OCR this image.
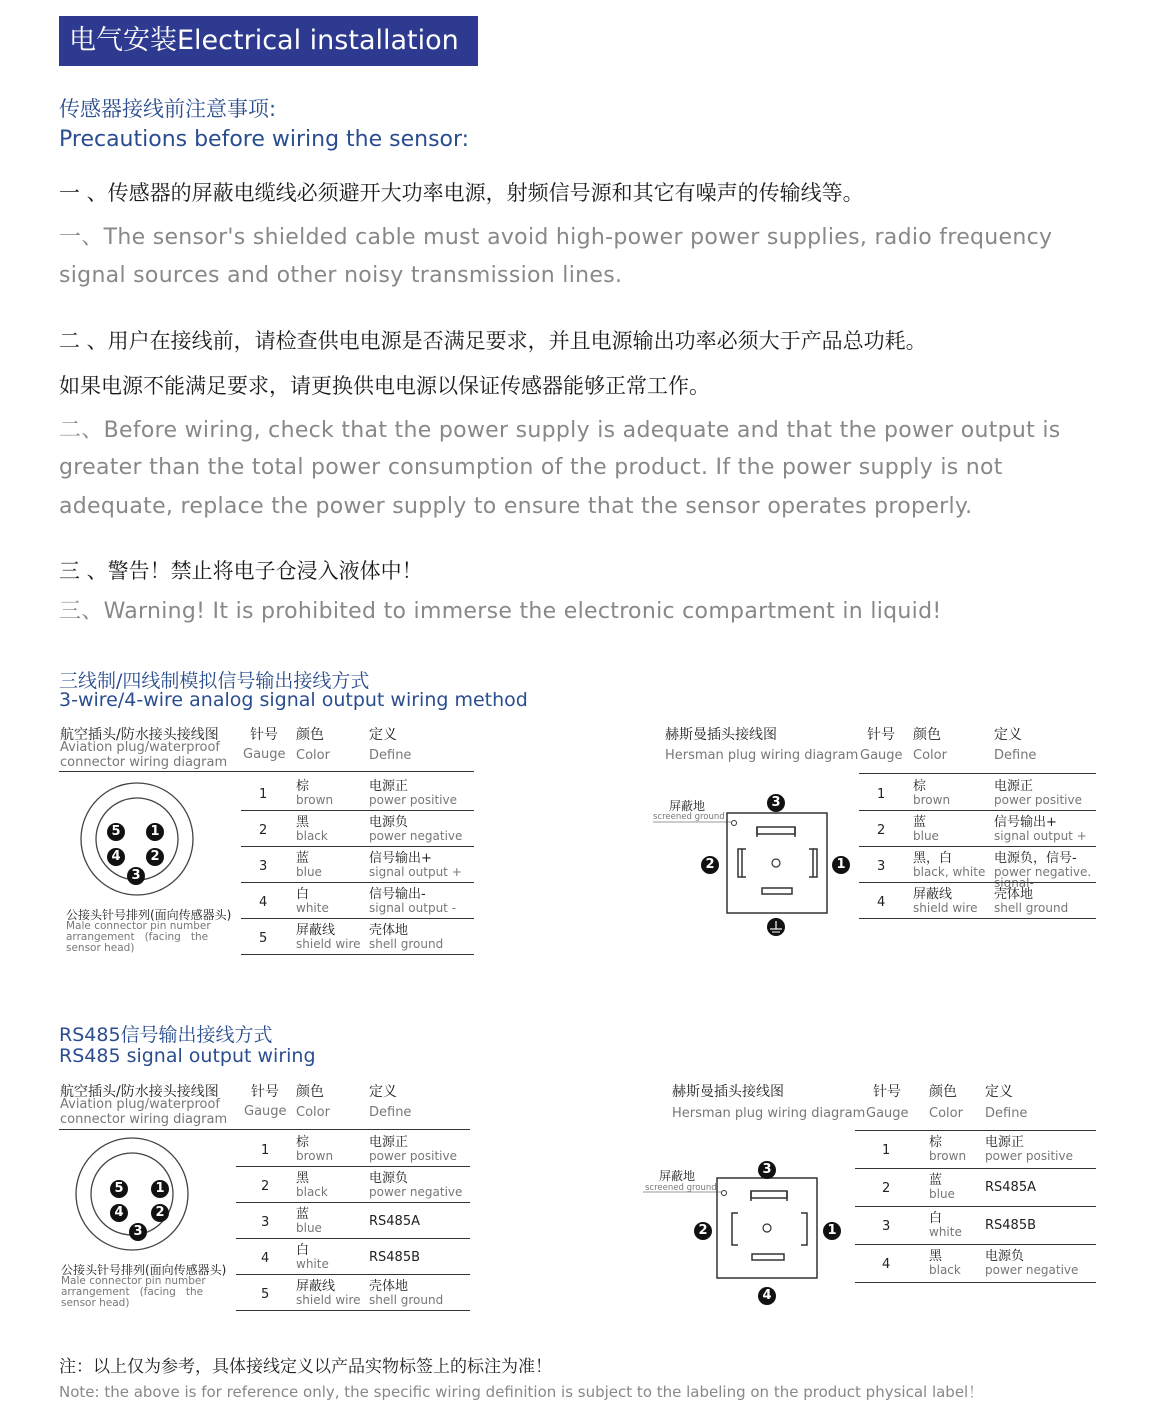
电气安装Electrical installation
传感器接线前注意事项:
Precautions before wiring the sensor:
一 、传感器的屏蔽电缆线必须避开大功率电源，射频信号源和其它有噪声的传输线等。
一、The sensor's shielded cable must avoid high-power power supplies, radio frequency
signal sources and other noisy transmission lines.
二 、用户在接线前，请检查供电电源是否满足要求，并且电源输出功率必须大于产品总功耗。
如果电源不能满足要求，请更换供电电源以保证传感器能够正常工作。
二、Before wiring, check that the power supply is adequate and that the power output is
greater than the total power consumption of the product. If the power supply is not
adequate, replace the power supply to ensure that the sensor operates properly.
三 、警告！禁止将电子仓浸入液体中！
三、Warning! It is prohibited to immerse the electronic compartment in liquid!
三线制/四线制模拟信号输出接线方式
3-wire/4-wire analog signal output wiring method
航空插头/防水接头接线图
Aviation plug/waterproof
connector wiring diagram
针号
Gauge
颜色
Color
定义
Define
5	1
4	2
3
公接头针号排列(面向传感器头)
Male connector pin number
arrangement   (facing   the
sensor head)
1
棕
brown
电源正
power positive
2
黑
black
电源负
power negative
3
蓝
blue
信号输出+
signal output +
4
白
white
信号输出-
signal output -
5
屏蔽线
shield wire
壳体地
shell ground
赫斯曼插头接线图
Hersman plug wiring diagram
针号
Gauge
颜色
Color
定义
Define
屏蔽地
screened ground
3
2	1
1
棕
brown
电源正
power positive
2
蓝
blue
信号输出+
signal output +
3
黑，白
black, white
电源负，信号-
power negative.
signal-
4
屏蔽线
shield wire
壳体地
shell ground
RS485信号输出接线方式
RS485 signal output wiring
航空插头/防水接头接线图
Aviation plug/waterproof
connector wiring diagram
针号
Gauge
颜色
Color
定义
Define
5	1
4	2
3
公接头针号排列(面向传感器头)
Male connector pin number
arrangement   (facing   the
sensor head)
1
棕
brown
电源正
power positive
2
黑
black
电源负
power negative
3
蓝
blue	RS485A
4
白
white	RS485B
5
屏蔽线
shield wire
壳体地
shell ground
赫斯曼插头接线图
Hersman plug wiring diagram
针号
Gauge
颜色
Color
定义
Define
屏蔽地
screened ground
3
2	1
4
1
棕
brown
电源正
power positive
2
蓝
blue RS485A
3
白
white RS485B
4
黑
black
电源负
power negative
注：以上仅为参考，具体接线定义以产品实物标签上的标注为准！
Note: the above is for reference only, the specific wiring definition is subject to the labeling on the product physical label！
